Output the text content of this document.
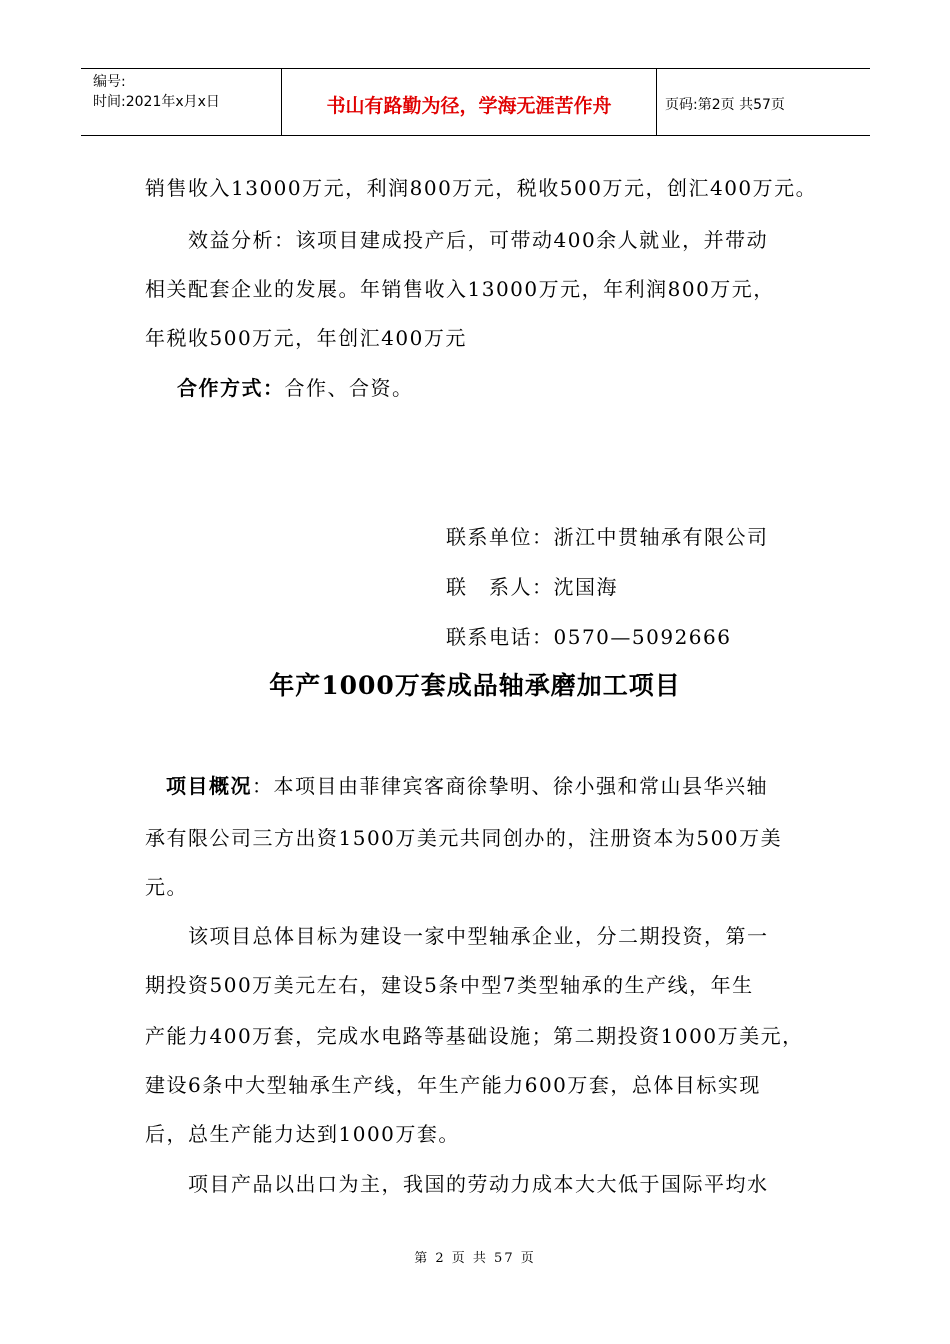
编号:
时间:2021年x月x日	书山有路勤为径，学海无涯苦作舟	页码:第2页 共57页
销售收入13000万元，利润800万元，税收500万元，创汇400万元。
效益分析：该项目建成投产后，可带动400余人就业，并带动
相关配套企业的发展。年销售收入13000万元，年利润800万元，
年税收500万元，年创汇400万元
合作方式：合作、合资。
联系单位：浙江中贯轴承有限公司
联　系人：沈国海
联系电话：0570—5092666
年产1000万套成品轴承磨加工项目
项目概况：本项目由菲律宾客商徐挚明、徐小强和常山县华兴轴
承有限公司三方出资1500万美元共同创办的，注册资本为500万美
元。
该项目总体目标为建设一家中型轴承企业，分二期投资，第一
期投资500万美元左右，建设5条中型7类型轴承的生产线，年生
产能力400万套，完成水电路等基础设施；第二期投资1000万美元，
建设6条中大型轴承生产线，年生产能力600万套，总体目标实现
后，总生产能力达到1000万套。
项目产品以出口为主，我国的劳动力成本大大低于国际平均水
第 2 页 共 57 页
